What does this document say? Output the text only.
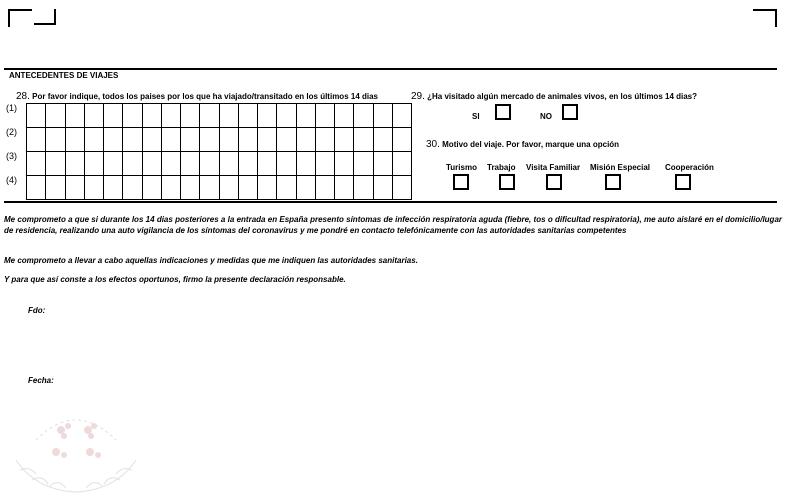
ANTECEDENTES DE VIAJES
28. Por favor indique, todos los paises por los que ha viajado/transitado en los últimos 14 dias

(1)
(2)
(3)
(4)
29. ¿Ha visitado algún mercado de animales vivos, en los últimos 14 dias?
SI	NO
30. Motivo del viaje. Por favor, marque una opción
Turismo Trabajo Visita Familiar Misión Especial Cooperación
Me comprometo a que si durante los 14 dias posteriores a la entrada en España presento síntomas de infección respiratoria aguda (fiebre, tos o dificultad respiratoria), me auto aislaré en el domicilio/lugar de residencia, realizando una auto vigilancia de los síntomas del coronavirus y me pondré en contacto telefónicamente con las autoridades sanitarias competentes
Me comprometo a llevar a cabo aquellas indicaciones y medidas que me indiquen las autoridades sanitarias.
Y para que así conste a los efectos oportunos, firmo la presente declaración responsable.
Fdo:
Fecha:
